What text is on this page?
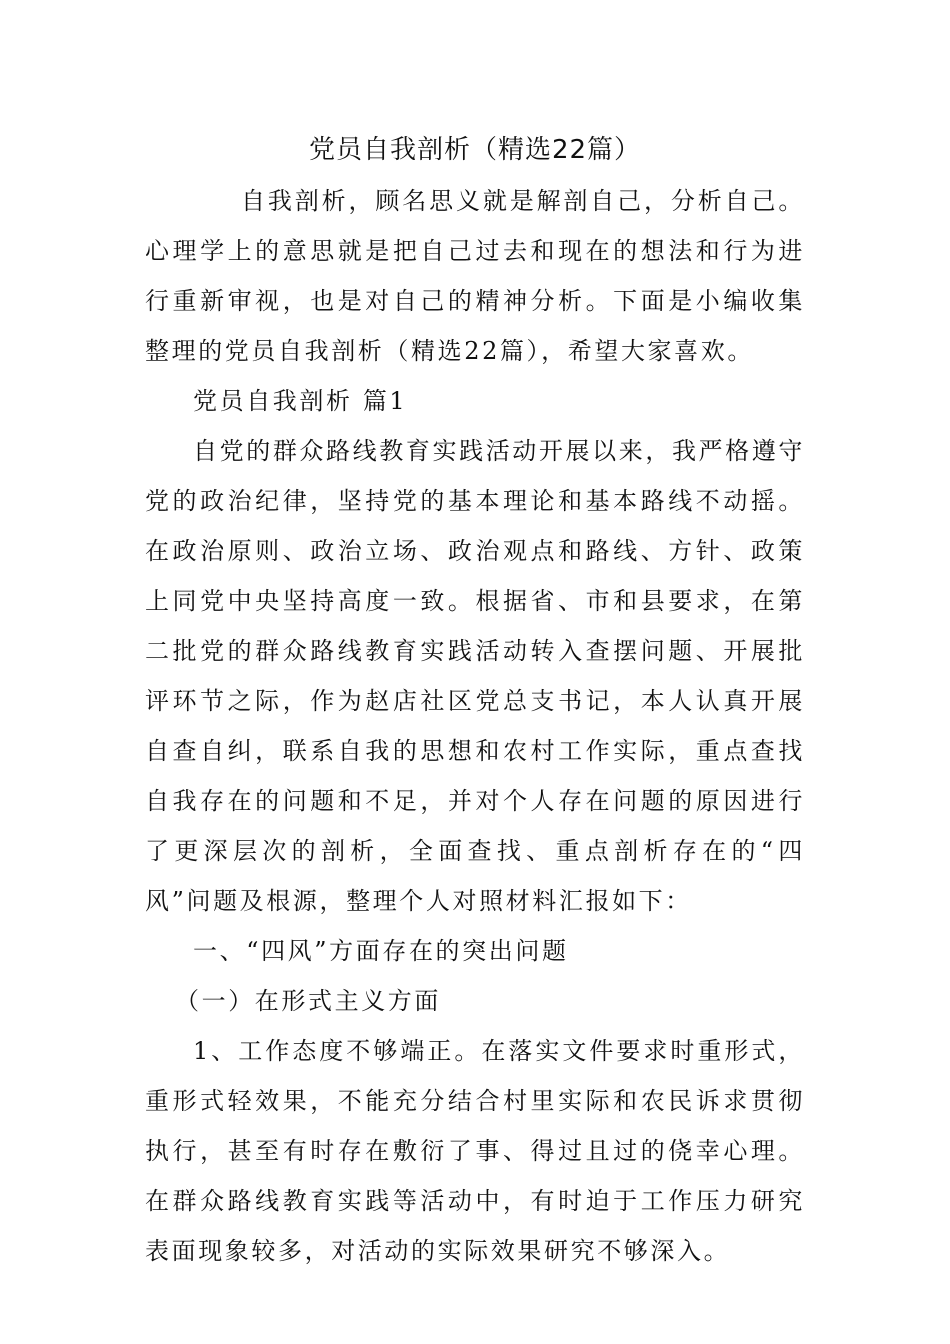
党员自我剖析（精选22篇）

自我剖析，顾名思义就是解剖自己，分析自己。心理学上的意思就是把自己过去和现在的想法和行为进行重新审视，也是对自己的精神分析。下面是小编收集整理的党员自我剖析（精选22篇），希望大家喜欢。

党员自我剖析 篇1

自党的群众路线教育实践活动开展以来，我严格遵守党的政治纪律，坚持党的基本理论和基本路线不动摇。在政治原则、政治立场、政治观点和路线、方针、政策上同党中央坚持高度一致。根据省、市和县要求，在第二批党的群众路线教育实践活动转入查摆问题、开展批评环节之际，作为赵店社区党总支书记，本人认真开展自查自纠，联系自我的思想和农村工作实际，重点查找自我存在的问题和不足，并对个人存在问题的原因进行了更深层次的剖析，全面查找、重点剖析存在的“四风”问题及根源，整理个人对照材料汇报如下：

一、“四风”方面存在的突出问题

（一）在形式主义方面

1、工作态度不够端正。在落实文件要求时重形式，重形式轻效果，不能充分结合村里实际和农民诉求贯彻执行，甚至有时存在敷衍了事、得过且过的侥幸心理。在群众路线教育实践等活动中，有时迫于工作压力研究表面现象较多，对活动的实际效果研究不够深入。
